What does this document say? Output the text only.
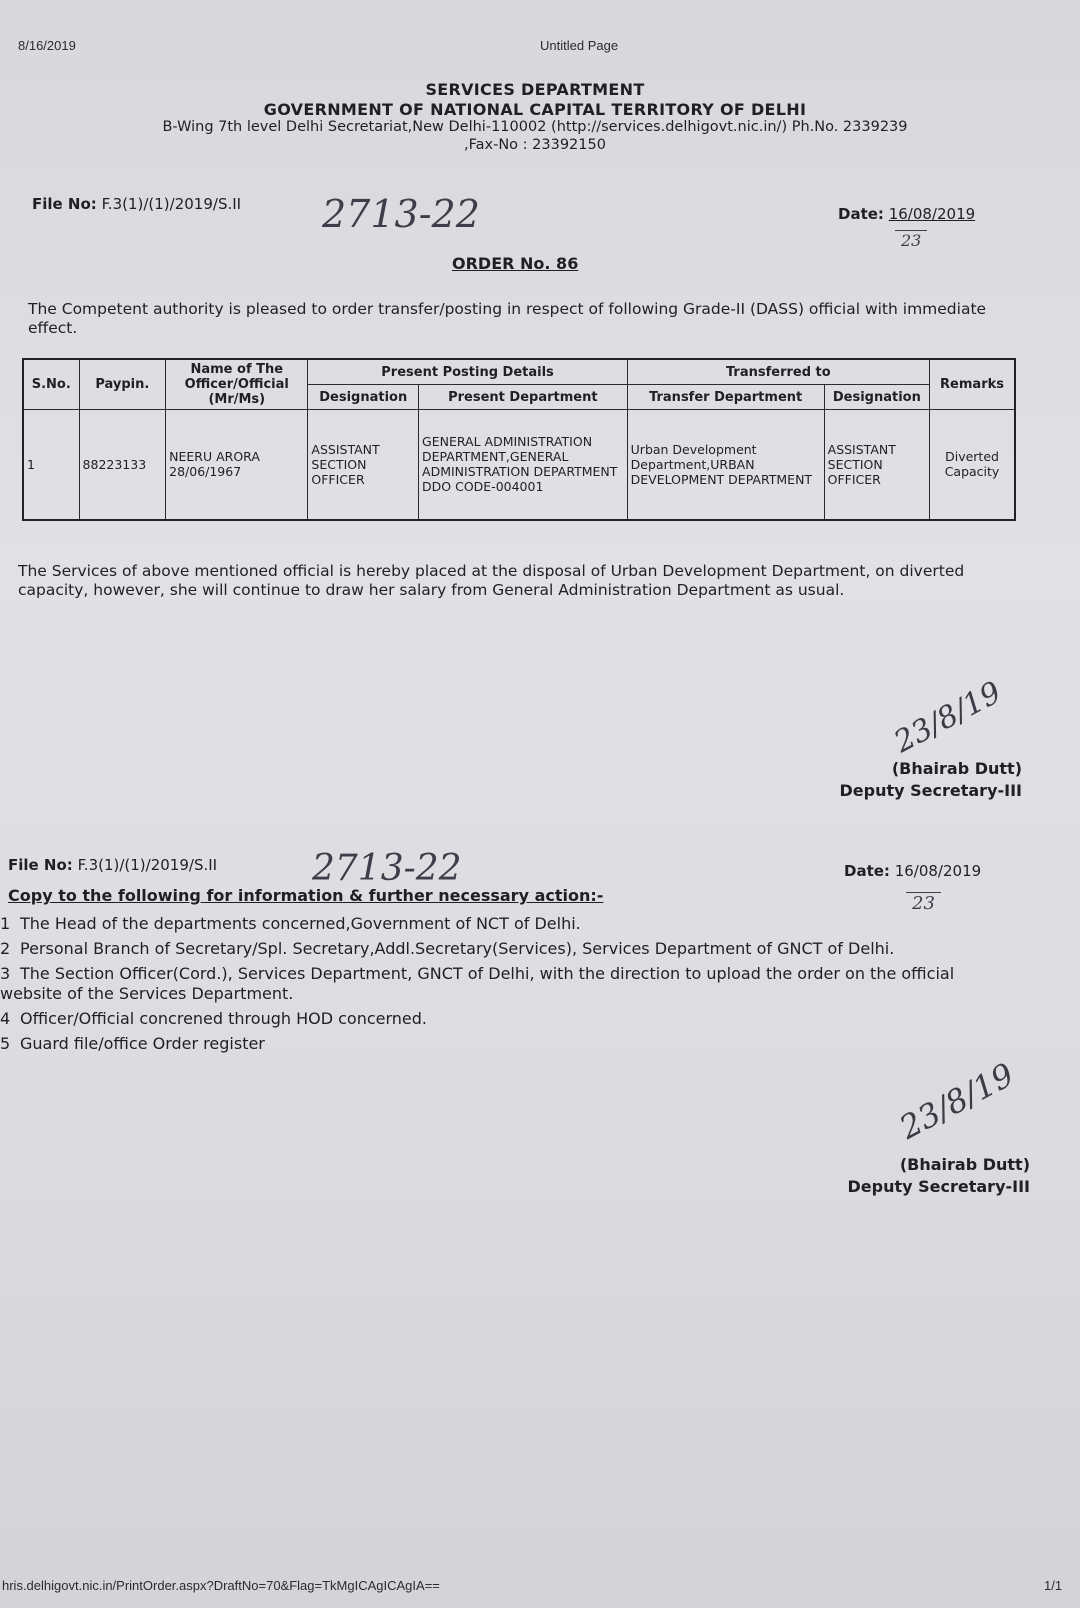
8/16/2019	Untitled Page
SERVICES DEPARTMENT
GOVERNMENT OF NATIONAL CAPITAL TERRITORY OF DELHI
B-Wing 7th level Delhi Secretariat,New Delhi-110002 (http://services.delhigovt.nic.in/) Ph.No. 2339239
,Fax-No : 23392150
File No: F.3(1)/(1)/2019/S.II 2713-22	Date: 16/08/2019
23
ORDER No. 86
The Competent authority is pleased to order transfer/posting in respect of following Grade-II (DASS) official with immediate effect.
S.No.	Paypin.	Name of The Officer/Official (Mr/Ms)	Present Posting Details		Transferred to		Remarks
			Designation	Present Department	Transfer Department	Designation	
1	88223133	NEERU ARORA 28/06/1967	ASSISTANT SECTION OFFICER	GENERAL ADMINISTRATION DEPARTMENT,GENERAL ADMINISTRATION DEPARTMENT DDO CODE-004001	Urban Development Department,URBAN DEVELOPMENT DEPARTMENT	ASSISTANT SECTION OFFICER	Diverted Capacity
The Services of above mentioned official is hereby placed at the disposal of Urban Development Department, on diverted capacity, however, she will continue to draw her salary from General Administration Department as usual.
23/8/19
(Bhairab Dutt)
Deputy Secretary-III
File No: F.3(1)/(1)/2019/S.II	2713-22	Date: 16/08/2019
23
Copy to the following for information & further necessary action:-
1 The Head of the departments concerned,Government of NCT of Delhi.
2 Personal Branch of Secretary/Spl. Secretary,Addl.Secretary(Services), Services Department of GNCT of Delhi.
3 The Section Officer(Cord.), Services Department, GNCT of Delhi, with the direction to upload the order on the official website of the Services Department.
4 Officer/Official concrened through HOD concerned.
5 Guard file/office Order register
23/8/19
(Bhairab Dutt)
Deputy Secretary-III
hris.delhigovt.nic.in/PrintOrder.aspx?DraftNo=70&Flag=TkMgICAgICAgIA==	1/1
